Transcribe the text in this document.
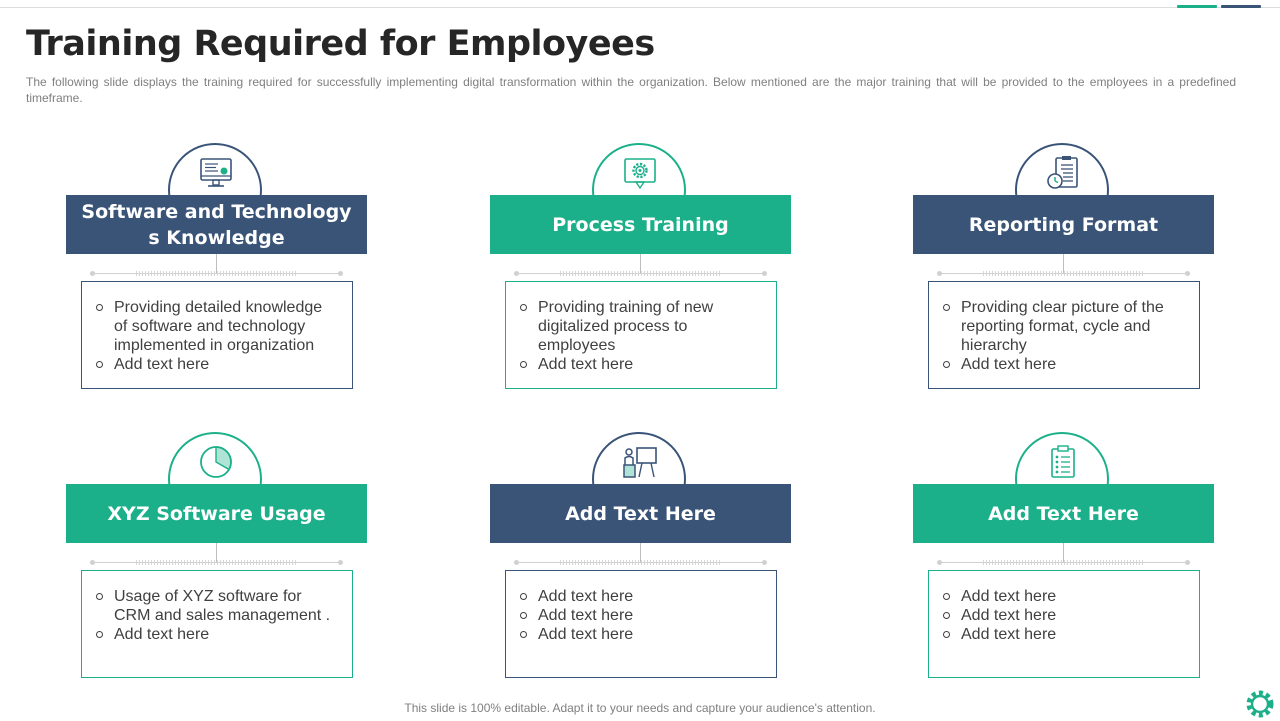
Training Required for Employees

The following slide displays the training required for successfully implementing digital transformation within the organization. Below mentioned are the major training that will be provided to the employees in a predefined timeframe.

Software and Technology s Knowledge
Providing detailed knowledge of software and technology implemented in organization
Add text here
Process Training
Providing training of new digitalized process to employees
Add text here
Reporting Format
Providing clear picture of the reporting format, cycle and hierarchy
Add text here
XYZ Software Usage
Usage of XYZ software for CRM and sales management .
Add text here
Add Text Here
Add text here
Add text here
Add text here
Add Text Here
Add text here
Add text here
Add text here
This slide is 100% editable. Adapt it to your needs and capture your audience's attention.
